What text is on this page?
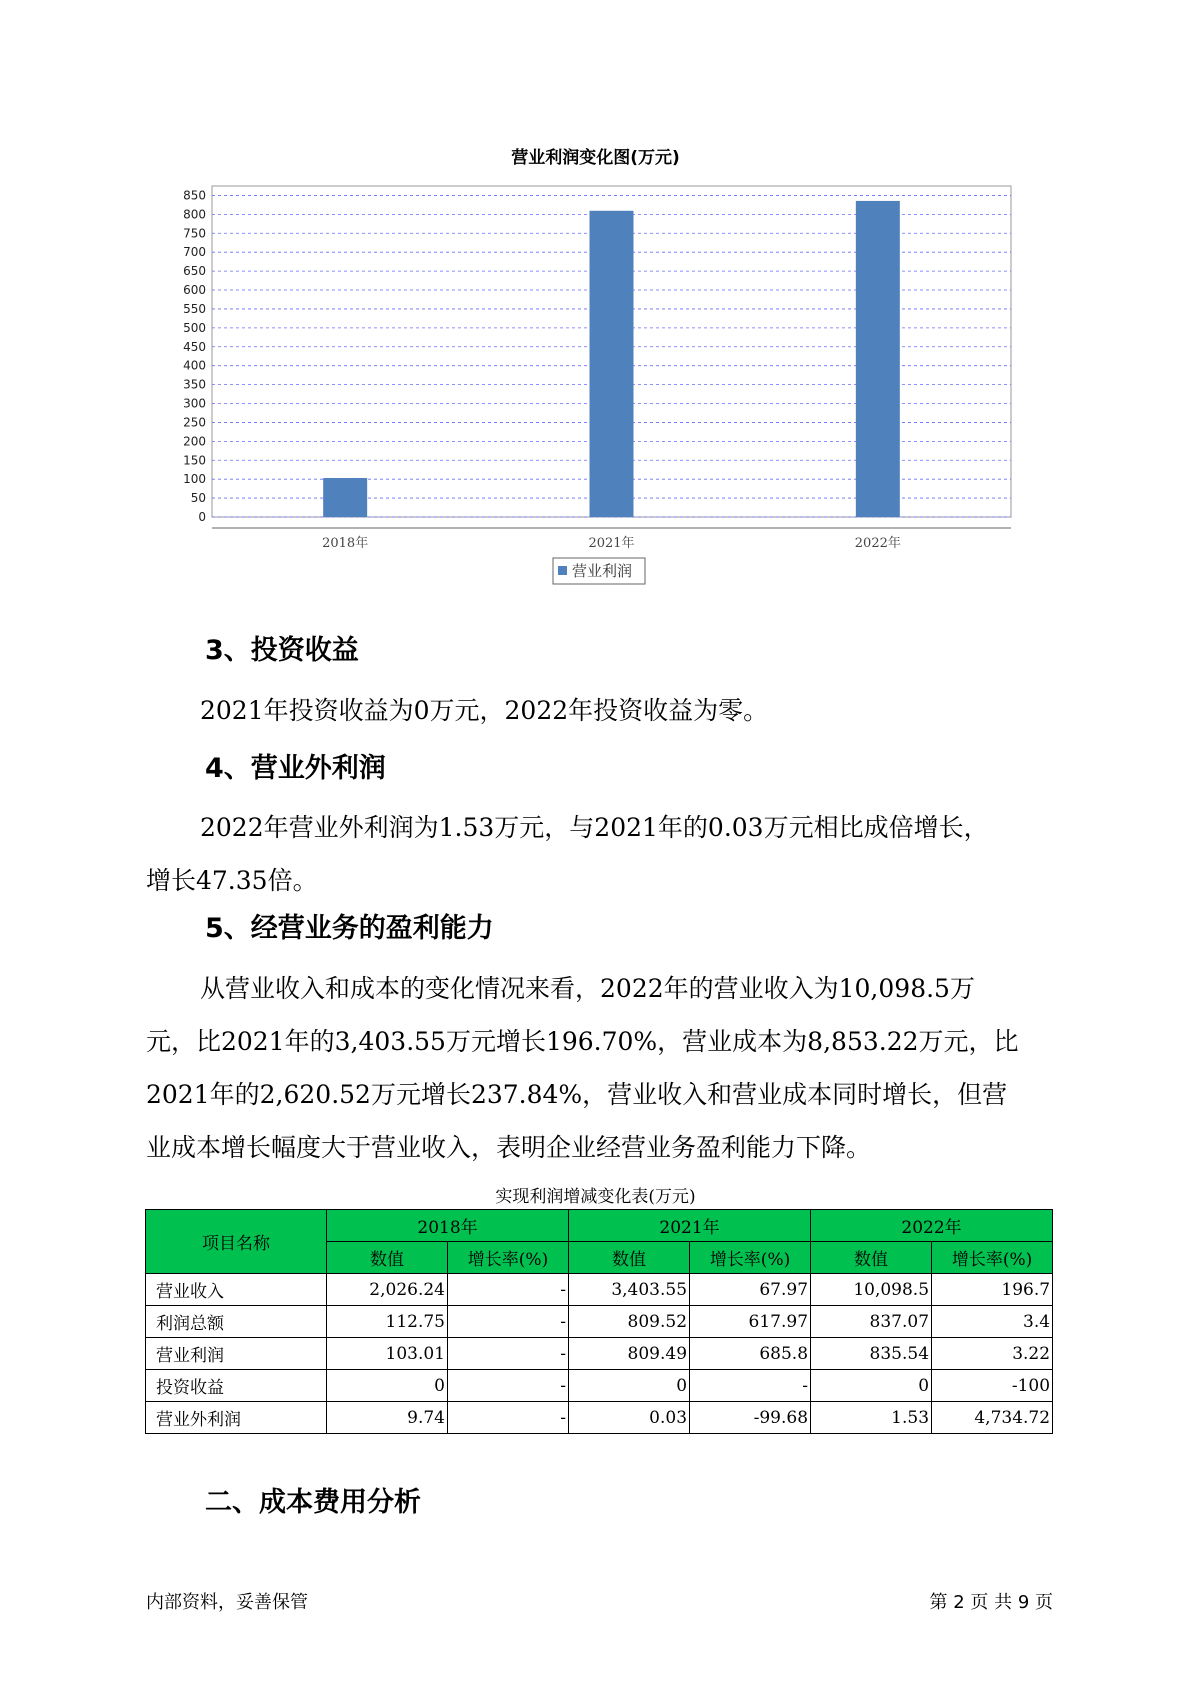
营业利润变化图(万元)
0
50
100
150
200
250
300
350
400
450
500
550
600
650
700
750
800
850
2018年	2021年	2022年
营业利润
3、投资收益

2021年投资收益为0万元，2022年投资收益为零。

4、营业外利润

2022年营业外利润为1.53万元，与2021年的0.03万元相比成倍增长，
增长47.35倍。

5、经营业务的盈利能力

从营业收入和成本的变化情况来看，2022年的营业收入为10,098.5万
元，比2021年的3,403.55万元增长196.70%，营业成本为8,853.22万元，比
2021年的2,620.52万元增长237.84%，营业收入和营业成本同时增长，但营
业成本增长幅度大于营业收入，表明企业经营业务盈利能力下降。

实现利润增减变化表(万元)
项目名称	2018年		2021年		2022年	
	数值	增长率(%)	数值	增长率(%)	数值	增长率(%)
营业收入	2,026.24	-	3,403.55	67.97	10,098.5	196.7
利润总额	112.75	-	809.52	617.97	837.07	3.4
营业利润	103.01	-	809.49	685.8	835.54	3.22
投资收益	0	-	0	-	0	-100
营业外利润	9.74	-	0.03	-99.68	1.53	4,734.72
二、成本费用分析
内部资料，妥善保管	第 2 页 共 9 页
